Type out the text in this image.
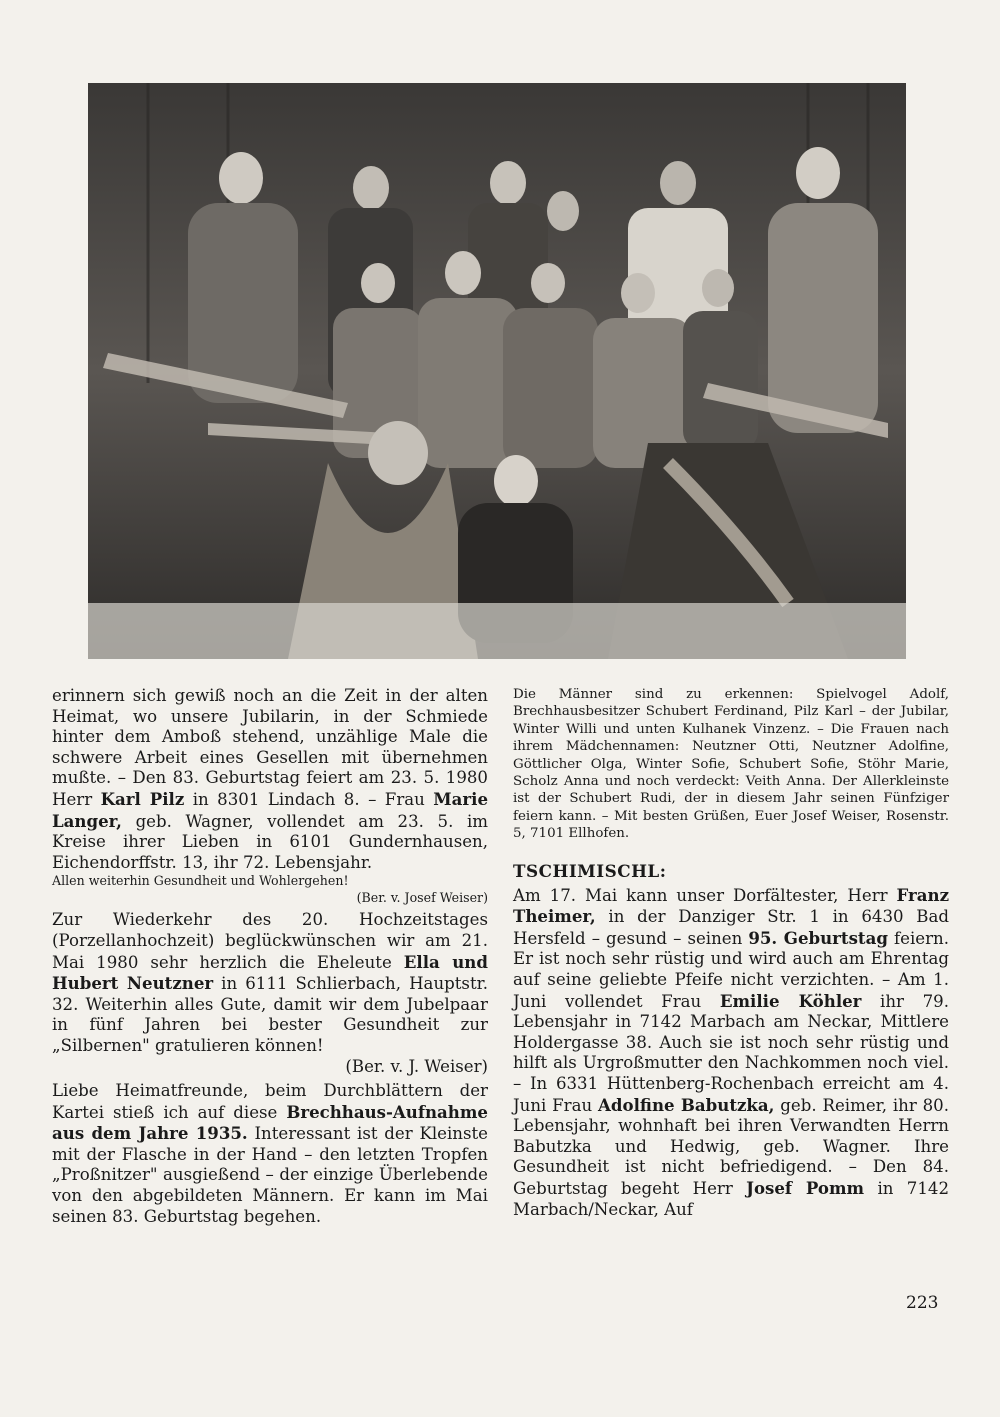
erinnern sich gewiß noch an die Zeit in der alten Heimat, wo unsere Jubilarin, in der Schmiede hinter dem Amboß stehend, unzählige Male die schwere Arbeit eines Gesellen mit übernehmen mußte. – Den 83. Geburtstag feiert am 23. 5. 1980 Herr Karl Pilz in 8301 Lindach 8. – Frau Marie Langer, geb. Wagner, vollendet am 23. 5. im Kreise ihrer Lieben in 6101 Gundernhausen, Eichendorffstr. 13, ihr 72. Lebensjahr.

Allen weiterhin Gesundheit und Wohlergehen!

(Ber. v. Josef Weiser)

Zur Wiederkehr des 20. Hochzeitstages (Porzellanhochzeit) beglückwünschen wir am 21. Mai 1980 sehr herzlich die Eheleute Ella und Hubert Neutzner in 6111 Schlierbach, Hauptstr. 32. Weiterhin alles Gute, damit wir dem Jubelpaar in fünf Jahren bei bester Gesundheit zur „Silbernen" gratulieren können!

(Ber. v. J. Weiser)

Liebe Heimatfreunde, beim Durchblättern der Kartei stieß ich auf diese Brechhaus-Aufnahme aus dem Jahre 1935. Interessant ist der Kleinste mit der Flasche in der Hand – den letzten Tropfen „Proßnitzer" ausgießend – der einzige Überlebende von den abgebildeten Männern. Er kann im Mai seinen 83. Geburtstag begehen.

Die Männer sind zu erkennen: Spielvogel Adolf, Brechhausbesitzer Schubert Ferdinand, Pilz Karl – der Jubilar, Winter Willi und unten Kulhanek Vinzenz. – Die Frauen nach ihrem Mädchennamen: Neutzner Otti, Neutzner Adolfine, Göttlicher Olga, Winter Sofie, Schubert Sofie, Stöhr Marie, Scholz Anna und noch verdeckt: Veith Anna. Der Allerkleinste ist der Schubert Rudi, der in diesem Jahr seinen Fünfziger feiern kann. – Mit besten Grüßen, Euer Josef Weiser, Rosenstr. 5, 7101 Ellhofen.

TSCHIMISCHL:

Am 17. Mai kann unser Dorfältester, Herr Franz Theimer, in der Danziger Str. 1 in 6430 Bad Hersfeld – gesund – seinen 95. Geburtstag feiern. Er ist noch sehr rüstig und wird auch am Ehrentag auf seine geliebte Pfeife nicht verzichten. – Am 1. Juni vollendet Frau Emilie Köhler ihr 79. Lebensjahr in 7142 Marbach am Neckar, Mittlere Holdergasse 38. Auch sie ist noch sehr rüstig und hilft als Urgroßmutter den Nachkommen noch viel. – In 6331 Hüttenberg-Rochenbach erreicht am 4. Juni Frau Adolfine Babutzka, geb. Reimer, ihr 80. Lebensjahr, wohnhaft bei ihren Verwandten Herrn Babutzka und Hedwig, geb. Wagner. Ihre Gesundheit ist nicht befriedigend. – Den 84. Geburtstag begeht Herr Josef Pomm in 7142 Marbach/Neckar, Auf

223
